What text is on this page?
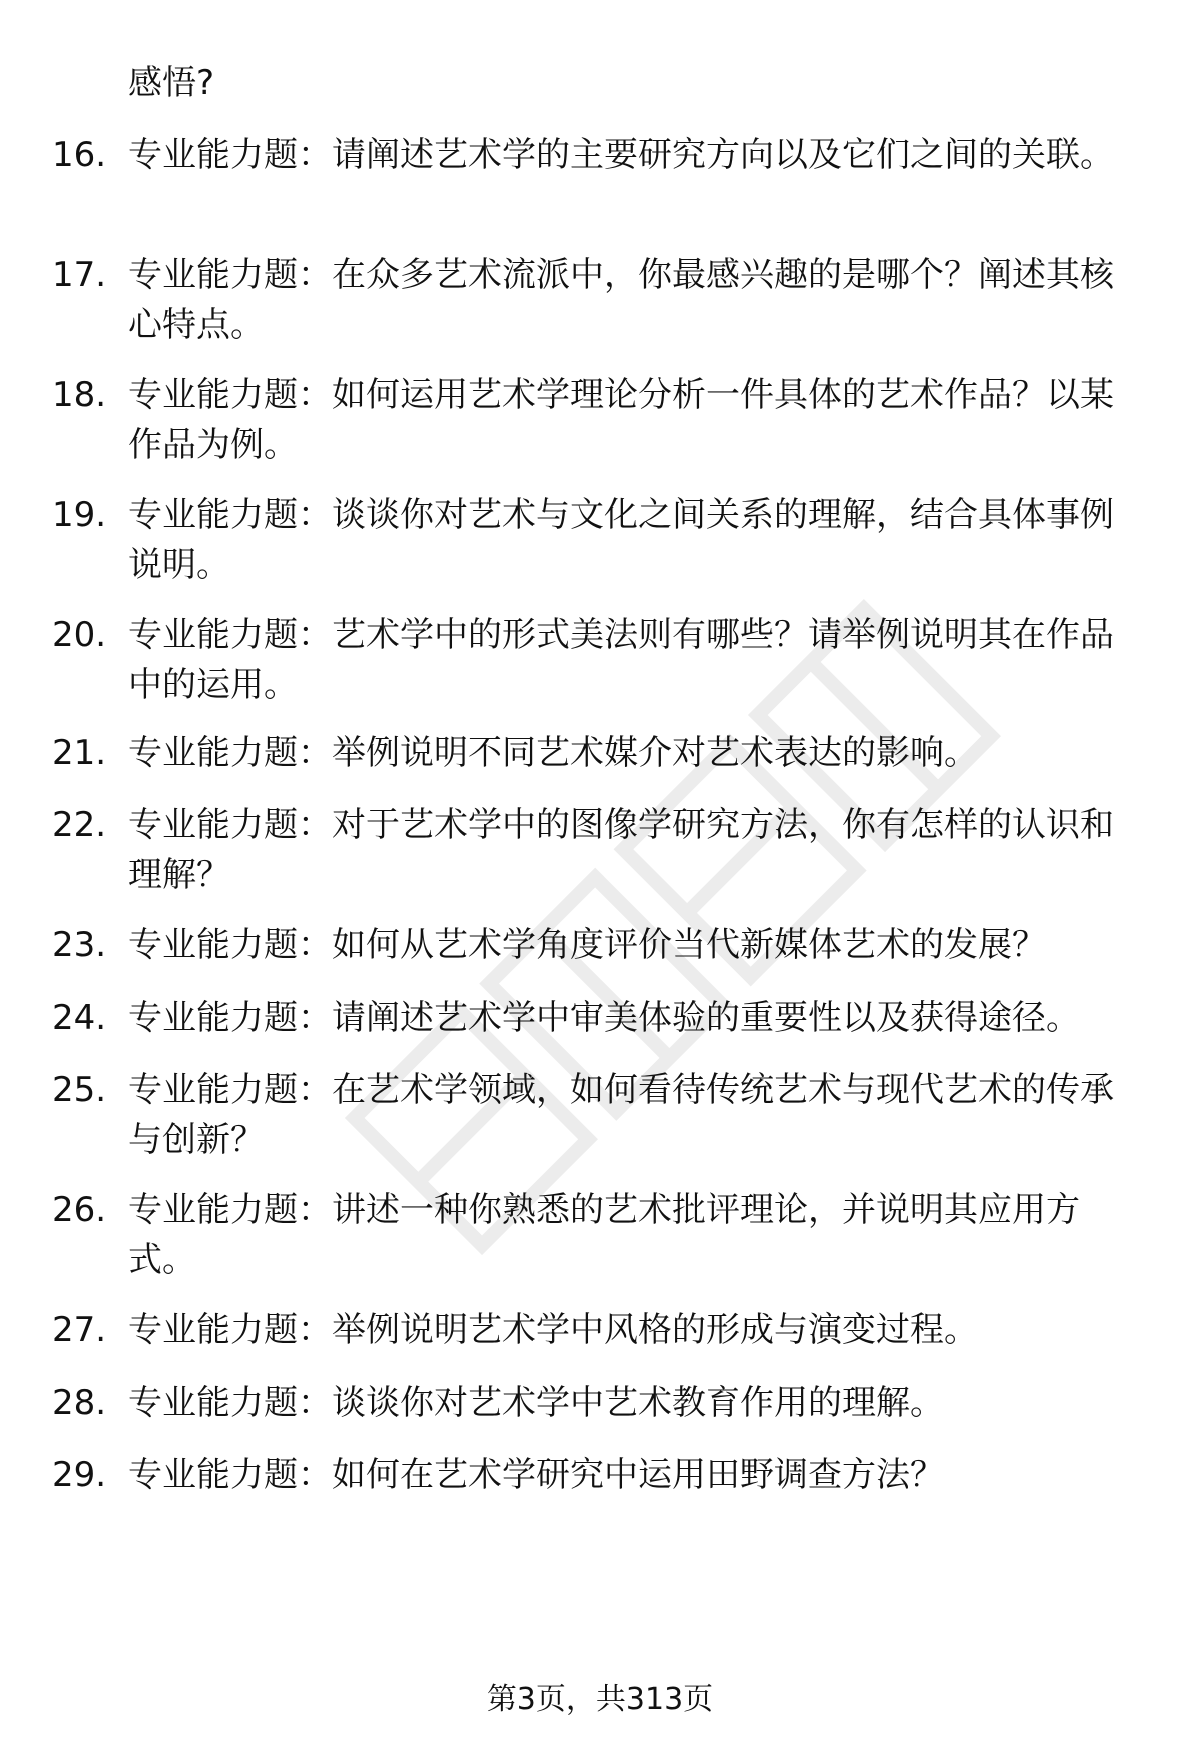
感悟?

16. 专业能力题：请阐述艺术学的主要研究方向以及它们之间的关联。
17. 专业能力题：在众多艺术流派中，你最感兴趣的是哪个？阐述其核心特点。
18. 专业能力题：如何运用艺术学理论分析一件具体的艺术作品？以某作品为例。
19. 专业能力题：谈谈你对艺术与文化之间关系的理解，结合具体事例说明。
20. 专业能力题：艺术学中的形式美法则有哪些？请举例说明其在作品中的运用。
21. 专业能力题：举例说明不同艺术媒介对艺术表达的影响。
22. 专业能力题：对于艺术学中的图像学研究方法，你有怎样的认识和理解？
23. 专业能力题：如何从艺术学角度评价当代新媒体艺术的发展？
24. 专业能力题：请阐述艺术学中审美体验的重要性以及获得途径。
25. 专业能力题：在艺术学领域，如何看待传统艺术与现代艺术的传承与创新？
26. 专业能力题：讲述一种你熟悉的艺术批评理论，并说明其应用方式。
27. 专业能力题：举例说明艺术学中风格的形成与演变过程。
28. 专业能力题：谈谈你对艺术学中艺术教育作用的理解。
29. 专业能力题：如何在艺术学研究中运用田野调查方法？
第3页，共313页
